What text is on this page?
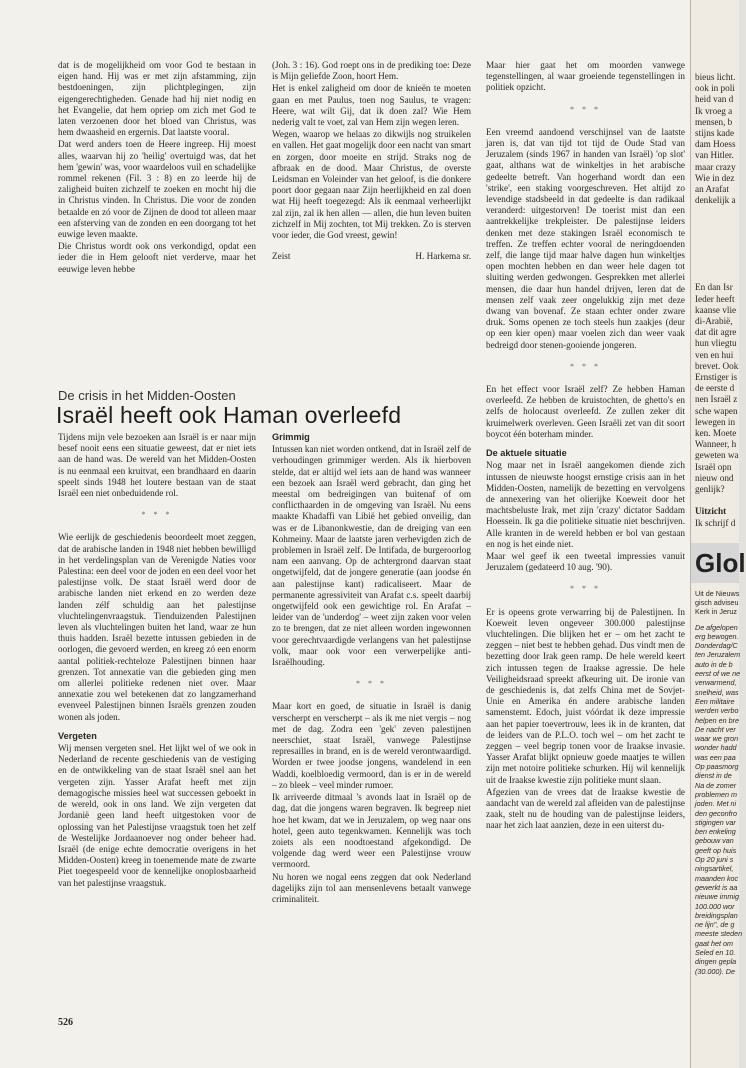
dat is de mogelijkheid om voor God te bestaan in eigen hand. Hij was er met zijn afstamming, zijn bestdoeningen, zijn plichtplegingen, zijn eigengerechtigheden. Genade had hij niet nodig en het Evangelie, dat hem opriep om zich met God te laten verzoenen door het bloed van Christus, was hem dwaasheid en ergernis. Dat laatste vooral.

Dat werd anders toen de Heere ingreep. Hij moest alles, waarvan hij zo 'heilig' overtuigd was, dat het hem 'gewin' was, voor waardeloos vuil en schadelijke rommel rekenen (Fil. 3 : 8) en zo leerde hij de zaligheid buiten zichzelf te zoeken en mocht hij die in Christus vinden. In Christus. Die voor de zonden betaalde en zó voor de Zijnen de dood tot alleen maar een afsterving van de zonden en een doorgang tot het euwige leven maakte.

Die Christus wordt ook ons verkondigd, opdat een ieder die in Hem gelooft niet verderve, maar het eeuwige leven hebbe

(Joh. 3 : 16). God roept ons in de prediking toe: Deze is Mijn geliefde Zoon, hoort Hem.

Het is enkel zaligheid om door de knieën te moeten gaan en met Paulus, toen nog Saulus, te vragen: Heere, wat wilt Gij, dat ik doen zal? Wie Hem nederig valt te voet, zal van Hem zijn wegen leren.

Wegen, waarop we helaas zo dikwijls nog struikelen en vallen. Het gaat mogelijk door een nacht van smart en zorgen, door moeite en strijd. Straks nog de afbraak en de dood. Maar Christus, de overste Leidsman en Voleinder van het geloof, is die donkere poort door gegaan naar Zijn heerlijkheid en zal doen wat Hij heeft toegezegd: Als ik eenmaal verheerlijkt zal zijn, zal ik hen allen — allen, die hun leven buiten zichzelf in Mij zochten, tot Mij trekken. Zo is sterven voor ieder, die God vreest, gewin!

Zeist	H. Harkema sr.
De crisis in het Midden-Oosten
Israël heeft ook Haman overleefd

Tijdens mijn vele bezoeken aan Israël is er naar mijn besef nooit eens een situatie geweest, dat er niet iets aan de hand was. De wereld van het Midden-Oosten is nu eenmaal een kruitvat, een brandhaard en daarin speelt sinds 1948 het loutere bestaan van de staat Israël een niet onbeduidende rol.

* * *

Wie eerlijk de geschiedenis beoordeelt moet zeggen, dat de arabische landen in 1948 niet hebben bewilligd in het verdelingsplan van de Verenigde Naties voor Palestina: een deel voor de joden en een deel voor het palestijnse volk. De staat Israël werd door de arabische landen niet erkend en zo werden deze landen zélf schuldig aan het palestijnse vluchtelingenvraagstuk. Tienduizenden Palestijnen leven als vluchtelingen buiten het land, waar ze hun thuis hadden. Israël bezette intussen gebieden in de oorlogen, die gevoerd werden, en kreeg zó een enorm aantal politiek-rechteloze Palestijnen binnen haar grenzen. Tot annexatie van die gebieden ging men om allerlei politieke redenen niet over. Maar annexatie zou wel betekenen dat zo langzamerhand evenveel Palestijnen binnen Israëls grenzen zouden wonen als joden.

Vergeten

Wij mensen vergeten snel. Het lijkt wel of we ook in Nederland de recente geschiedenis van de vestiging en de ontwikkeling van de staat Israël snel aan het vergeten zijn. Yasser Arafat heeft met zijn demagogische missies heel wat successen geboekt in de wereld, ook in ons land. We zijn vergeten dat Jordanië geen land heeft uitgestoken voor de oplossing van het Palestijnse vraagstuk toen het zelf de Westelijke Jordaanoever nog onder beheer had. Israël (de enige echte democratie overigens in het Midden-Oosten) kreeg in toenemende mate de zwarte Piet toegespeeld voor de kennelijke onoplosbaarheid van het palestijnse vraagstuk.

Grimmig

Intussen kan niet worden ontkend, dat in Israël zelf de verhoudingen grimmiger werden. Als ik hierboven stelde, dat er altijd wel iets aan de hand was wanneer een bezoek aan Israël werd gebracht, dan ging het meestal om bedreigingen van buitenaf of om conflicthaarden in de omgeving van Israël. Nu eens maakte Khadaffi van Libië het gebied onveilig, dan was er de Libanonkwestie, dan de dreiging van een Kohmeiny. Maar de laatste jaren verhevigden zich de problemen in Israël zelf. De Intifada, de burgeroorlog nam een aanvang. Op de achtergrond daarvan staat ongetwijfeld, dat de jongere generatie (aan joodse én aan palestijnse kant) radicaliseert. Maar de permanente agressiviteit van Arafat c.s. speelt daarbij ongetwijfeld ook een gewichtige rol. En Arafat – leider van de 'underdog' – weet zijn zaken voor velen zo te brengen, dat ze niet alleen worden ingewonnen voor gerechtvaardigde verlangens van het palestijnse volk, maar ook voor een verwerpelijke anti-Israëlhouding.

* * *

Maar kort en goed, de situatie in Israël is danig verscherpt en verscherpt – als ik me niet vergis – nog met de dag. Zodra een 'gek' zeven palestijnen neerschiet, staat Israël, vanwege Palestijnse represailles in brand, en is de wereld verontwaardigd. Worden er twee joodse jongens, wandelend in een Waddi, koelbloedig vermoord, dan is er in de wereld – zo bleek – veel minder rumoer.

Ik arriveerde ditmaal 's avonds laat in Israël op de dag, dat die jongens waren begraven. Ik begreep niet hoe het kwam, dat we in Jeruzalem, op weg naar ons hotel, geen auto tegenkwamen. Kennelijk was toch zoiets als een noodtoestand afgekondigd. De volgende dag werd weer een Palestijnse vrouw vermoord.

Nu horen we nogal eens zeggen dat ook Nederland dagelijks zijn tol aan mensenlevens betaalt vanwege criminaliteit.

Maar hier gaat het om moorden vanwege tegenstellingen, al waar groeiende tegenstellingen in politiek opzicht.

* * *

Een vreemd aandoend verschijnsel van de laatste jaren is, dat van tijd tot tijd de Oude Stad van Jeruzalem (sinds 1967 in handen van Israël) 'op slot' gaat, althans wat de winkeltjes in het arabische gedeelte betreft. Van hogerhand wordt dan een 'strike', een staking voorgeschreven. Het altijd zo levendige stadsbeeld in dat gedeelte is dan radikaal veranderd: uitgestorven! De toerist mist dan een aantrekkelijke trekpleister. De palestijnse leiders denken met deze stakingen Israël economisch te treffen. Ze treffen echter vooral de neringdoenden zelf, die lange tijd maar halve dagen hun winkeltjes open mochten hebben en dan weer hele dagen tot sluiting werden gedwongen. Gesprekken met allerlei mensen, die daar hun handel drijven, leren dat de mensen zelf vaak zeer ongelukkig zijn met deze dwang van bovenaf. Ze staan echter onder zware druk. Soms openen ze toch steels hun zaakjes (deur op een kier open) maar voelen zich dan weer vaak bedreigd door stenen-gooiende jongeren.

* * *

En het effect voor Israël zelf? Ze hebben Haman overleefd. Ze hebben de kruistochten, de ghetto's en zelfs de holocaust overleefd. Ze zullen zeker dit kruimelwerk overleven. Geen Israëli zet van dit soort boycot één boterham minder.

De aktuele situatie

Nog maar net in Israël aangekomen diende zich intussen de nieuwste hoogst ernstige crisis aan in het Midden-Oosten, namelijk de bezetting en vervolgens de annexering van het olierijke Koeweit door het machtsbeluste Irak, met zijn 'crazy' dictator Saddam Hoessein. Ik ga die politieke situatie niet beschrijven. Alle kranten in de wereld hebben er bol van gestaan en nog is het einde niet.

Maar wel geef ik een tweetal impressies vanuit Jeruzalem (gedateerd 10 aug. '90).

* * *

Er is opeens grote verwarring bij de Palestijnen. In Koeweit leven ongeveer 300.000 palestijnse vluchtelingen. Die blijken het er – om het zacht te zeggen – niet best te hebben gehad. Dus vindt men de bezetting door Irak geen ramp. De hele wereld keert zich intussen tegen de Iraakse agressie. De hele Veiligheidsraad spreekt afkeuring uit. De ironie van de geschiedenis is, dat zelfs China met de Sovjet-Unie en Amerika én andere arabische landen samenstemt. Edoch, juist vóórdat ik deze impressie aan het papier toevertrouw, lees ik in de kranten, dat de leiders van de P.L.O. toch wel – om het zacht te zeggen – veel begrip tonen voor de Iraakse invasie. Yasser Arafat blijkt opnieuw goede maatjes te willen zijn met notoire politieke schurken. Hij wil kennelijk uit de Iraakse kwestie zijn politieke munt slaan.

Afgezien van de vrees dat de Iraakse kwestie de aandacht van de wereld zal afleiden van de palestijnse zaak, stelt nu de houding van de palestijnse leiders, naar het zich laat aanzien, deze in een uiterst du-

526
bieus licht.
ook in poli
heid van d
Ik vroeg a
mensen, b
stijns kade
dam Hoess
van Hitler.
maar crazy
Wie in dez
an Arafat
denkelijk a
En dan Isr
Ieder heeft
kaanse vlie
di-Arabië,
dat dit agre
hun vliegtu
ven en hui
brevet. Ook
Ernstiger is
de eerste d
nen Israël z
sche wapen
lewegen in
ken. Moete
Wanneer, h
geweten wa
Israël opn
nieuw ond
genlijk?
Uitzicht
Ik schrijf d
Glol
Uit de Nieuws
gisch adviseu
Kerk in Jeruz
De afgelopen
erg bewogen.
Donderdag/C
ten Jeruzalem
auto in de b
eerst of we ne
verwarmend,
snelheid, was
Een militaire
werden verbo
helpen en bre
De nacht ver
waar we gron
wonder hadd
was een paa
Op paasmorg
dienst in de
Na de zomer
problemen m
joden. Met ni
den geconfro
stigingen var
ben enkeling
gebouw van
geeft op huis
Op 20 juni s
ningsartikel,
maanden koc
gewerkt is aa
nieuwe immig
100.000 wor
breidingsplan
ne lijn", de g
meeste steden
gaat het om
Seled en 10.
dingen gepla
(30.000). De
